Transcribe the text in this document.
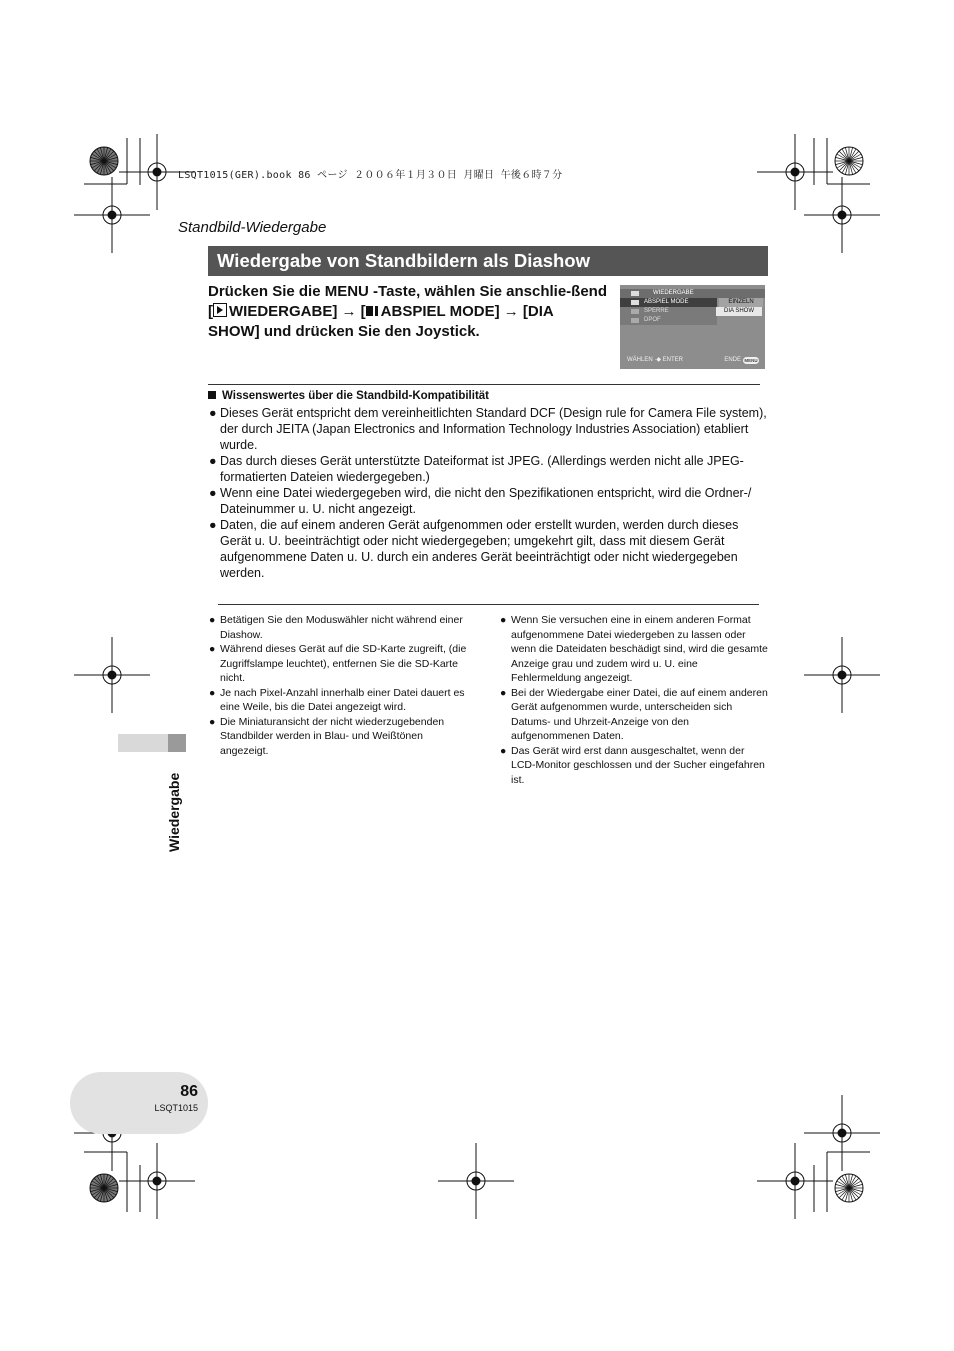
LSQT1015(GER).book 86 ページ ２００６年１月３０日 月曜日 午後６時７分
Standbild-Wiedergabe
Wiedergabe von Standbildern als Diashow
Drücken Sie die MENU -Taste, wählen Sie anschlie-ßend [ WIEDERGABE] → [ ABSPIEL MODE] → [DIA SHOW] und drücken Sie den Joystick.
WIEDERGABE
ABSPIEL MODE
SPERRE
DPOF
EINZELN
DIA SHOW
WÄHLEN ·◆ ENTER	ENDE MENU
Wissenswertes über die Standbild-Kompatibilität
● Dieses Gerät entspricht dem vereinheitlichten Standard DCF (Design rule for Camera File system), der durch JEITA (Japan Electronics and Information Technology Industries Association) etabliert wurde.
● Das durch dieses Gerät unterstützte Dateiformat ist JPEG. (Allerdings werden nicht alle JPEG-formatierten Dateien wiedergegeben.)
● Wenn eine Datei wiedergegeben wird, die nicht den Spezifikationen entspricht, wird die Ordner-/ Dateinummer u. U. nicht angezeigt.
● Daten, die auf einem anderen Gerät aufgenommen oder erstellt wurden, werden durch dieses Gerät u. U. beeinträchtigt oder nicht wiedergegeben; umgekehrt gilt, dass mit diesem Gerät aufgenommene Daten u. U. durch ein anderes Gerät beeinträchtigt oder nicht wiedergegeben werden.
● Betätigen Sie den Moduswähler nicht während einer Diashow.
● Während dieses Gerät auf die SD-Karte zugreift, (die Zugriffslampe leuchtet), entfernen Sie die SD-Karte nicht.
● Je nach Pixel-Anzahl innerhalb einer Datei dauert es eine Weile, bis die Datei angezeigt wird.
● Die Miniaturansicht der nicht wiederzugebenden Standbilder werden in Blau- und Weißtönen angezeigt.
● Wenn Sie versuchen eine in einem anderen Format aufgenommene Datei wiedergeben zu lassen oder wenn die Dateidaten beschädigt sind, wird die gesamte Anzeige grau und zudem wird u. U. eine Fehlermeldung angezeigt.
● Bei der Wiedergabe einer Datei, die auf einem anderen Gerät aufgenommen wurde, unterscheiden sich Datums- und Uhrzeit-Anzeige von den aufgenommenen Daten.
● Das Gerät wird erst dann ausgeschaltet, wenn der LCD-Monitor geschlossen und der Sucher eingefahren ist.
Wiedergabe
86
LSQT1015
